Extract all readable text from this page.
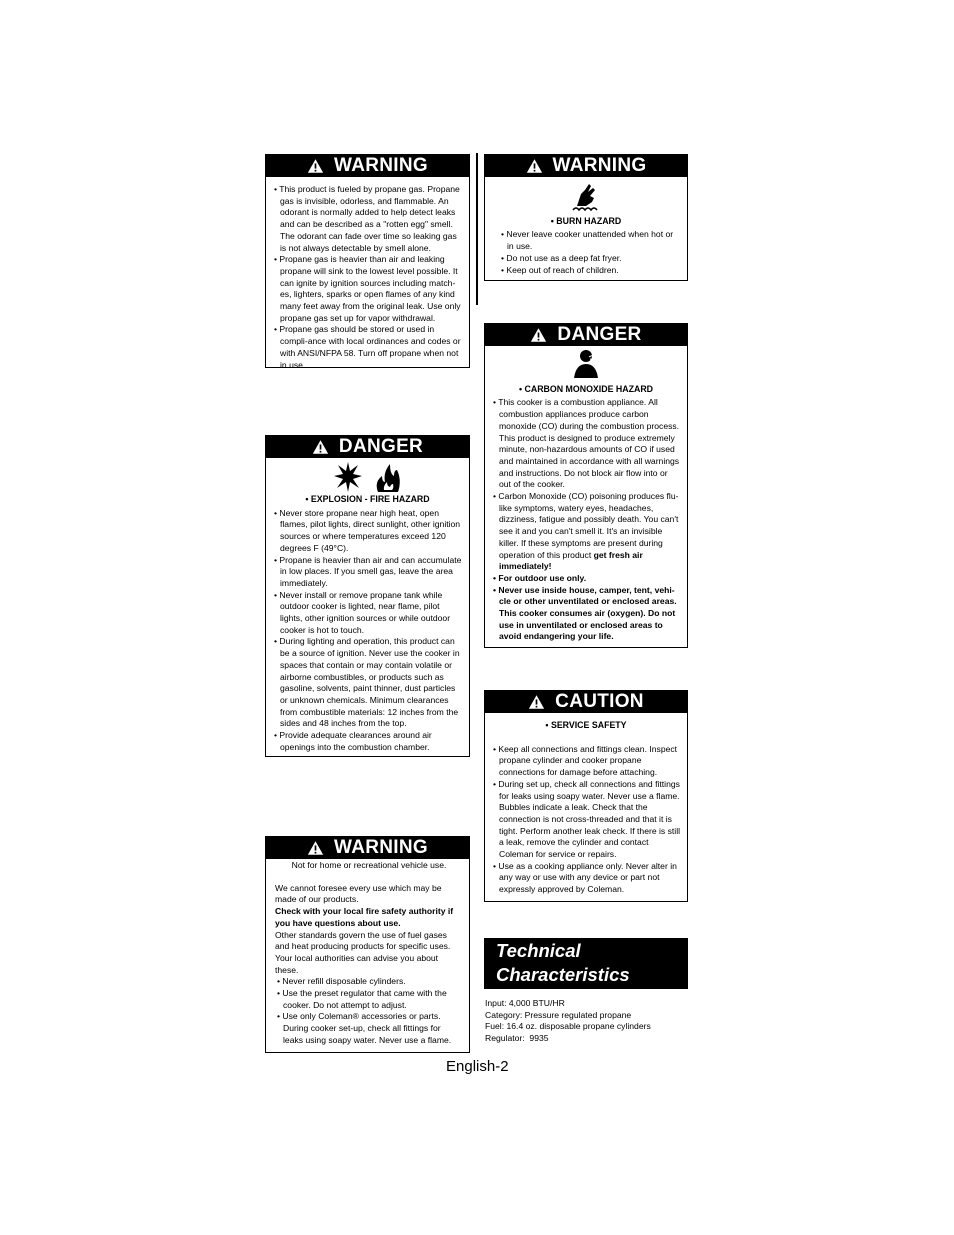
WARNING

• This product is fueled by propane gas. Propane gas is invisible, odorless, and flammable. An odorant is normally added to help detect leaks and can be described as a "rotten egg" smell. The odorant can fade over time so leaking gas is not always detectable by smell alone.

• Propane gas is heavier than air and leaking propane will sink to the lowest level possible. It can ignite by ignition sources including match-es, lighters, sparks or open flames of any kind many feet away from the original leak. Use only propane gas set up for vapor withdrawal.

• Propane gas should be stored or used in compli-ance with local ordinances and codes or with ANSI/NFPA 58. Turn off propane when not in use.

WARNING
• BURN HAZARD

• Never leave cooker unattended when hot or in use.

• Do not use as a deep fat fryer.

• Keep out of reach of children.

DANGER
• CARBON MONOXIDE HAZARD

• This cooker is a combustion appliance. All combustion appliances produce carbon monoxide (CO) during the combustion process. This product is designed to produce extremely minute, non-hazardous amounts of CO if used and maintained in accordance with all warnings and instructions. Do not block air flow into or out of the cooker.

• Carbon Monoxide (CO) poisoning produces flu-like symptoms, watery eyes, headaches, dizziness, fatigue and possibly death. You can't see it and you can't smell it. It's an invisible killer. If these symptoms are present during operation of this product get fresh air immediately!

• For outdoor use only.

• Never use inside house, camper, tent, vehi-cle or other unventilated or enclosed areas. This cooker consumes air (oxygen). Do not use in unventilated or enclosed areas to avoid endangering your life.

DANGER
• EXPLOSION - FIRE HAZARD

• Never store propane near high heat, open flames, pilot lights, direct sunlight, other ignition sources or where temperatures exceed 120 degrees F (49°C).

• Propane is heavier than air and can accumulate in low places. If you smell gas, leave the area immediately.

• Never install or remove propane tank while outdoor cooker is lighted, near flame, pilot lights, other ignition sources or while outdoor cooker is hot to touch.

• During lighting and operation, this product can be a source of ignition. Never use the cooker in spaces that contain or may contain volatile or airborne combustibles, or products such as gasoline, solvents, paint thinner, dust particles or unknown chemicals. Minimum clearances from combustible materials: 12 inches from the sides and 48 inches from the top.

• Provide adequate clearances around air openings into the combustion chamber.

CAUTION
• SERVICE SAFETY

• Keep all connections and fittings clean. Inspect propane cylinder and cooker propane connections for damage before attaching.

• During set up, check all connections and fittings for leaks using soapy water. Never use a flame. Bubbles indicate a leak. Check that the connection is not cross-threaded and that it is tight. Perform another leak check. If there is still a leak, remove the cylinder and contact Coleman for service or repairs.

• Use as a cooking appliance only. Never alter in any way or use with any device or part not expressly approved by Coleman.

WARNING
Not for home or recreational vehicle use.
We cannot foresee every use which may be made of our products.
Check with your local fire safety authority if you have questions about use.
Other standards govern the use of fuel gases and heat producing products for specific uses. Your local authorities can advise you about these.

• Never refill disposable cylinders.

• Use the preset regulator that came with the cooker. Do not attempt to adjust.

• Use only Coleman® accessories or parts. During cooker set-up, check all fittings for leaks using soapy water. Never use a flame.

Technical
Characteristics
Input: 4,000 BTU/HR
Category: Pressure regulated propane
Fuel: 16.4 oz. disposable propane cylinders
Regulator:  9935
English-2
